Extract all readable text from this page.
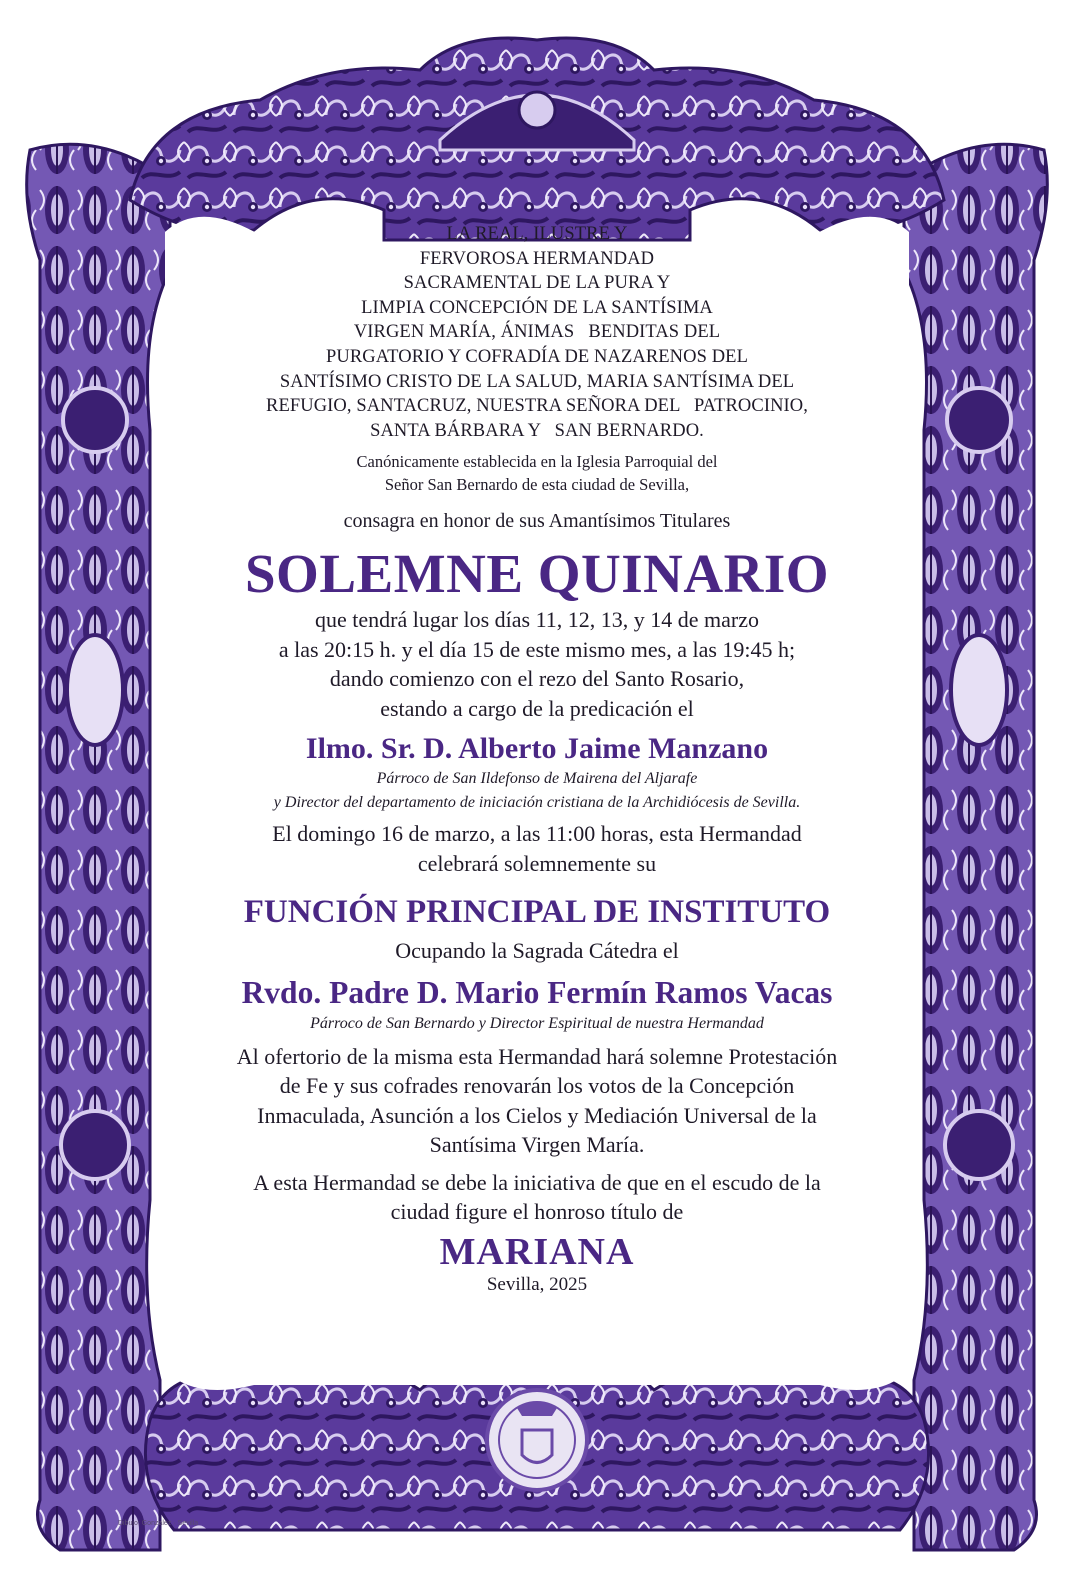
LA REAL, ILUSTRE Y
FERVOROSA HERMANDAD
SACRAMENTAL DE LA PURA Y
LIMPIA CONCEPCIÓN DE LA SANTÍSIMA
VIRGEN MARÍA, ÁNIMAS   BENDITAS DEL
PURGATORIO Y COFRADÍA DE NAZARENOS DEL
SANTÍSIMO CRISTO DE LA SALUD, MARIA SANTÍSIMA DEL
REFUGIO, SANTACRUZ, NUESTRA SEÑORA DEL   PATROCINIO,
SANTA BÁRBARA Y   SAN BERNARDO.
Canónicamente establecida en la Iglesia Parroquial del
Señor San Bernardo de esta ciudad de Sevilla,
consagra en honor de sus Amantísimos Titulares
SOLEMNE QUINARIO
que tendrá lugar los días 11, 12, 13, y 14 de marzo
a las 20:15 h. y el día 15 de este mismo mes, a las 19:45 h;
dando comienzo con el rezo del Santo Rosario,
estando a cargo de la predicación el
Ilmo. Sr. D. Alberto Jaime Manzano
Párroco de San Ildefonso de Mairena del Aljarafe
y Director del departamento de iniciación cristiana de la Archidiócesis de Sevilla.
El domingo 16 de marzo, a las 11:00 horas, esta Hermandad
celebrará solemnemente su
FUNCIÓN PRINCIPAL DE INSTITUTO
Ocupando la Sagrada Cátedra el
Rvdo. Padre D. Mario Fermín Ramos Vacas
Párroco de San Bernardo y Director Espiritual de nuestra Hermandad
Al ofertorio de la misma esta Hermandad hará solemne Protestación
de Fe y sus cofrades renovarán los votos de la Concepción
Inmaculada, Asunción a los Cielos y Mediación Universal de la
Santísima Virgen María.
A esta Hermandad se debe la iniciativa de que en el escudo de la
ciudad figure el honroso título de
MARIANA
Sevilla, 2025
Dibujo: Gonzalez · Sevilla
